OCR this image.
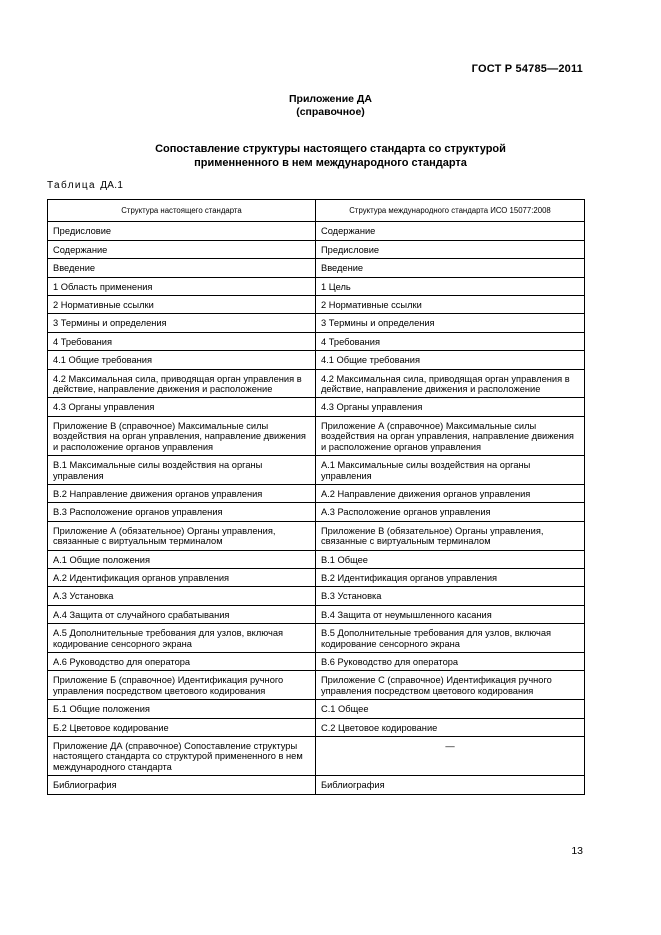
ГОСТ Р 54785—2011
Приложение ДА
(справочное)
Сопоставление структуры настоящего стандарта со структурой
применненного в нем международного стандарта
Таблица ДА.1
Структура настоящего стандарта	Структура международного стандарта ИСО 15077:2008
Предисловие	Содержание
Содержание	Предисловие
Введение	Введение
1 Область применения	1 Цель
2 Нормативные ссылки	2 Нормативные ссылки
3 Термины и определения	3 Термины и определения
4 Требования	4 Требования
4.1 Общие требования	4.1 Общие требования
4.2 Максимальная сила, приводящая орган управления в действие, направление движения и расположение	4.2 Максимальная сила, приводящая орган управления в действие, направление движения и расположение
4.3 Органы управления	4.3 Органы управления
Приложение В (справочное) Максимальные силы воздействия на орган управления, направление движения и расположение органов управления	Приложение А (справочное) Максимальные силы воздействия на орган управления, направление движения и расположение органов управления
В.1 Максимальные силы воздействия на органы управления	А.1 Максимальные силы воздействия на органы управления
В.2 Направление движения органов управления	А.2 Направление движения органов управления
В.3 Расположение органов управления	А.3 Расположение органов управления
Приложение А (обязательное) Органы управления, связанные с виртуальным терминалом	Приложение В (обязательное) Органы управления, связанные с виртуальным терминалом
А.1 Общие положения	В.1 Общее
А.2 Идентификация органов управления	В.2 Идентификация органов управления
А.3 Установка	В.3 Установка
А.4 Защита от случайного срабатывания	В.4 Защита от неумышленного касания
А.5 Дополнительные требования для узлов, включая кодирование сенсорного экрана	В.5 Дополнительные требования для узлов, включая кодирование сенсорного экрана
А.6 Руководство для оператора	В.6 Руководство для оператора
Приложение Б (справочное) Идентификация ручного управления посредством цветового кодирования	Приложение С (справочное) Идентификация ручного управления посредством цветового кодирования
Б.1 Общие положения	С.1 Общее
Б.2 Цветовое кодирование	С.2 Цветовое кодирование
Приложение ДА (справочное) Сопоставление структуры настоящего стандарта со структурой примененного в нем международного стандарта	—
Библиография	Библиография
13
